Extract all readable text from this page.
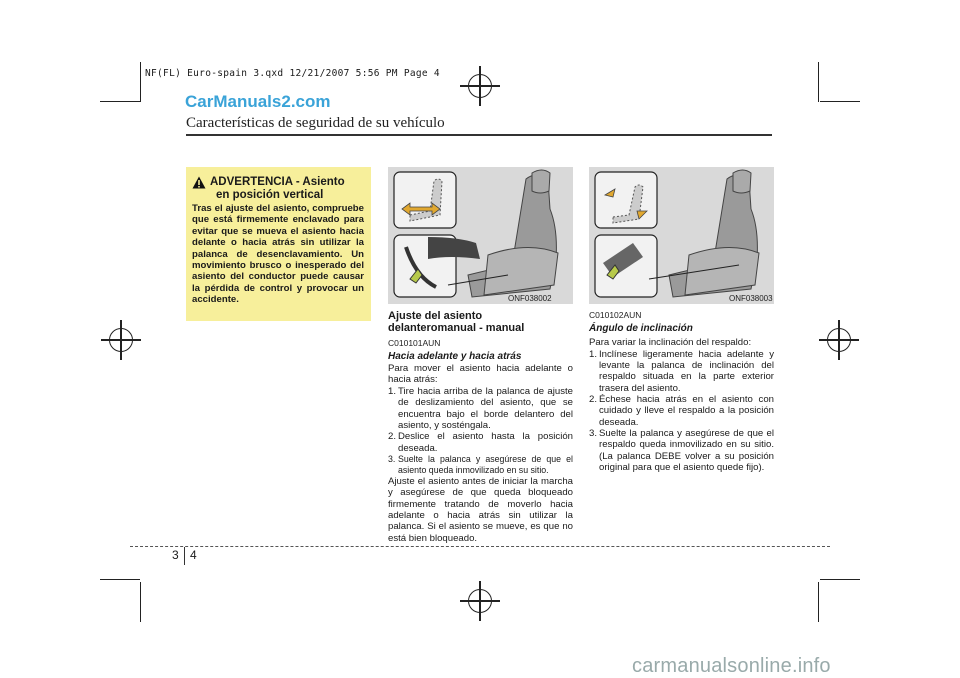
NF(FL) Euro-spain 3.qxd 12/21/2007 5:56 PM Page 4
CarManuals2.com
Características de seguridad de su vehículo
ADVERTENCIA - Asiento
en posición vertical
Tras el ajuste del asiento, compruebe que está firmemente enclavado para evitar que se mueva el asiento hacia delante o hacia atrás sin utilizar la palanca de desenclavamiento. Un movimiento brusco o inesperado del asiento del conductor puede causar la pérdida de control y provocar un accidente.	ONF038002	ONF038003
Ajuste del asiento delanteromanual - manual
C010101AUN
Hacia adelante y hacia atrás
Para mover el asiento hacia adelante o hacia atrás:
1. Tire hacia arriba de la palanca de ajuste de deslizamiento del asiento, que se encuentra bajo el borde delantero del asiento, y sosténgala.
2. Deslice el asiento hasta la posición deseada.
3. Suelte la palanca y asegúrese de que el asiento queda inmovilizado en su sitio.
Ajuste el asiento antes de iniciar la marcha y asegúrese de que queda bloqueado firmemente tratando de moverlo hacia adelante o hacia atrás sin utilizar la palanca. Si el asiento se mueve, es que no está bien bloqueado.
C010102AUN
Ángulo de inclinación
Para variar la inclinación del respaldo:
1. Inclínese ligeramente hacia adelante y levante la palanca de inclinación del respaldo situada en la parte exterior trasera del asiento.
2. Échese hacia atrás en el asiento con cuidado y lleve el respaldo a la posición deseada.
3. Suelte la palanca y asegúrese de que el respaldo queda inmovilizado en su sitio. (La palanca DEBE volver a su posición original para que el asiento quede fijo).
3 4
carmanualsonline.info
